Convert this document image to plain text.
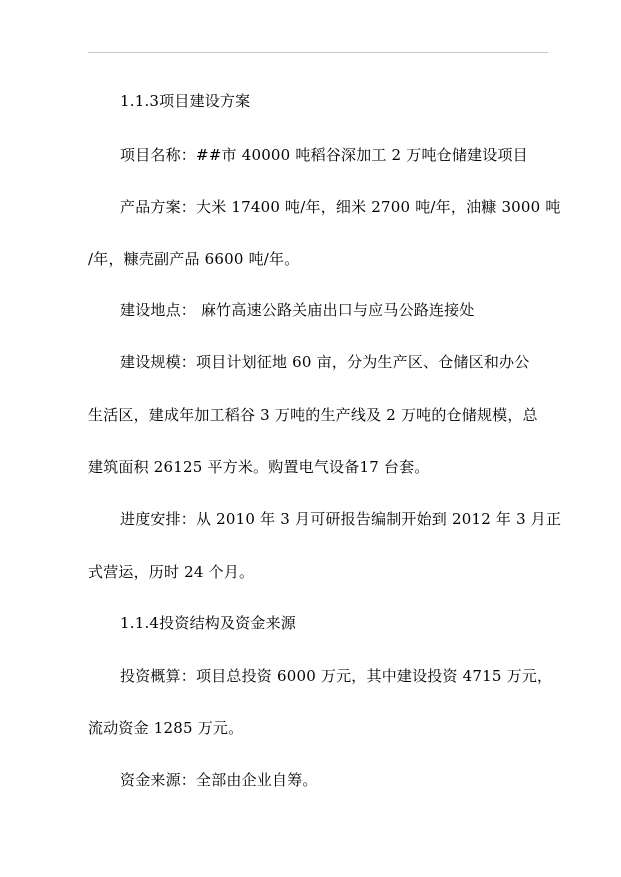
1.1.3项目建设方案
项目名称：##市 40000 吨稻谷深加工 2 万吨仓储建设项目
产品方案：大米 17400 吨/年，细米 2700 吨/年，油糠 3000 吨
/年，糠壳副产品 6600 吨/年。
建设地点： 麻竹高速公路关庙出口与应马公路连接处
建设规模：项目计划征地 60 亩，分为生产区、仓储区和办公
生活区，建成年加工稻谷 3 万吨的生产线及 2 万吨的仓储规模，总
建筑面积 26125 平方米。购置电气设备17 台套。
进度安排：从 2010 年 3 月可研报告编制开始到 2012 年 3 月正
式营运，历时 24 个月。
1.1.4投资结构及资金来源
投资概算：项目总投资 6000 万元，其中建设投资 4715 万元，
流动资金 1285 万元。
资金来源：全部由企业自筹。
